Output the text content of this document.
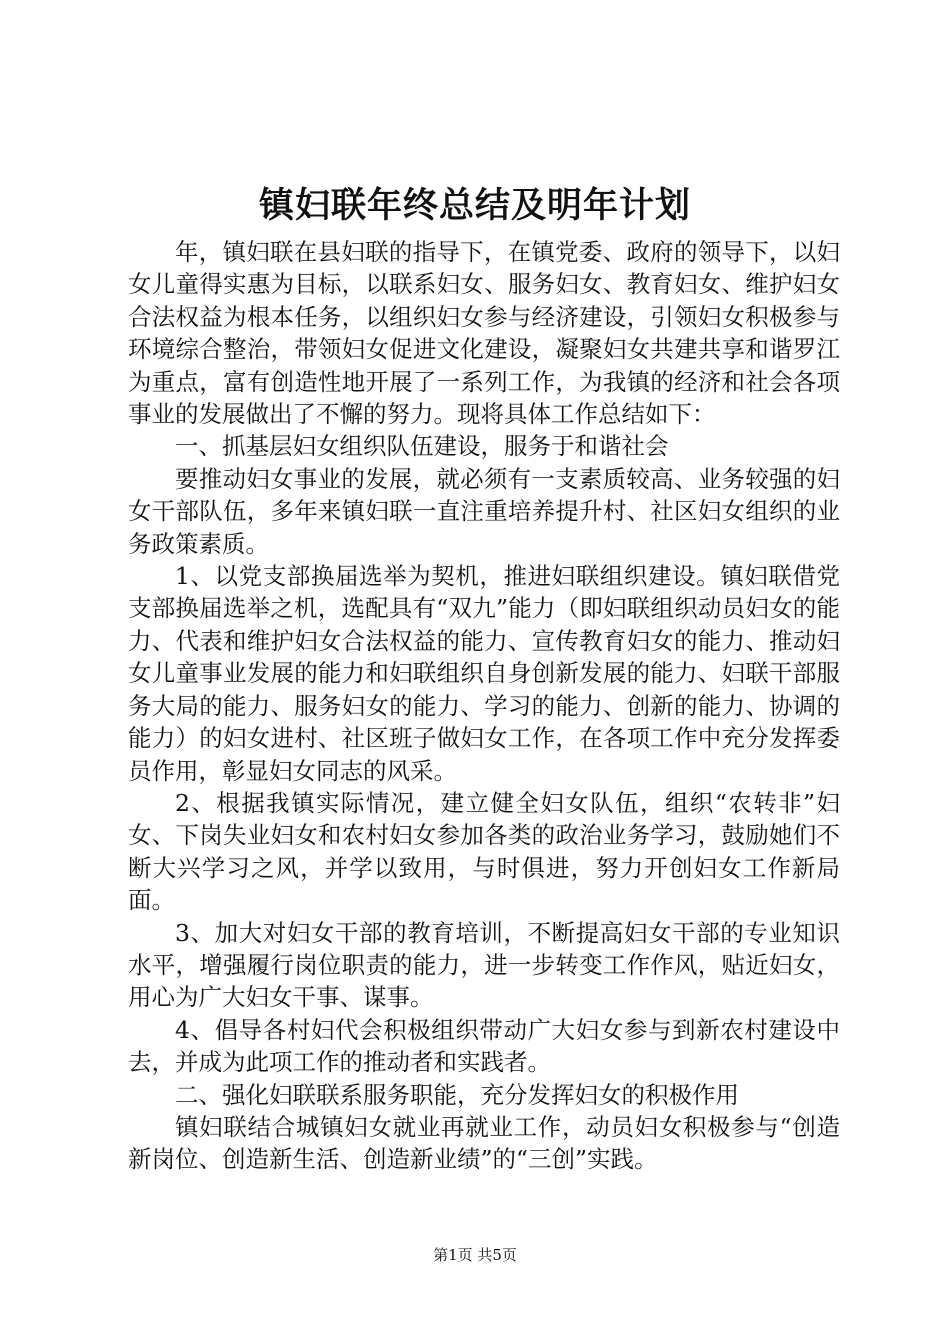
镇妇联年终总结及明年计划

年，镇妇联在县妇联的指导下，在镇党委、政府的领导下，以妇女儿童得实惠为目标，以联系妇女、服务妇女、教育妇女、维护妇女合法权益为根本任务，以组织妇女参与经济建设，引领妇女积极参与环境综合整治，带领妇女促进文化建设，凝聚妇女共建共享和谐罗江为重点，富有创造性地开展了一系列工作，为我镇的经济和社会各项事业的发展做出了不懈的努力。现将具体工作总结如下：

一、抓基层妇女组织队伍建设，服务于和谐社会

要推动妇女事业的发展，就必须有一支素质较高、业务较强的妇女干部队伍，多年来镇妇联一直注重培养提升村、社区妇女组织的业务政策素质。

1、以党支部换届选举为契机，推进妇联组织建设。镇妇联借党支部换届选举之机，选配具有“双九”能力（即妇联组织动员妇女的能力、代表和维护妇女合法权益的能力、宣传教育妇女的能力、推动妇女儿童事业发展的能力和妇联组织自身创新发展的能力、妇联干部服务大局的能力、服务妇女的能力、学习的能力、创新的能力、协调的能力）的妇女进村、社区班子做妇女工作，在各项工作中充分发挥委员作用，彰显妇女同志的风采。

2、根据我镇实际情况，建立健全妇女队伍，组织“农转非”妇女、下岗失业妇女和农村妇女参加各类的政治业务学习，鼓励她们不断大兴学习之风，并学以致用，与时俱进，努力开创妇女工作新局面。

3、加大对妇女干部的教育培训，不断提高妇女干部的专业知识水平，增强履行岗位职责的能力，进一步转变工作作风，贴近妇女，用心为广大妇女干事、谋事。

4、倡导各村妇代会积极组织带动广大妇女参与到新农村建设中去，并成为此项工作的推动者和实践者。

二、强化妇联联系服务职能，充分发挥妇女的积极作用

镇妇联结合城镇妇女就业再就业工作，动员妇女积极参与“创造新岗位、创造新生活、创造新业绩”的“三创”实践。

第1页 共5页
